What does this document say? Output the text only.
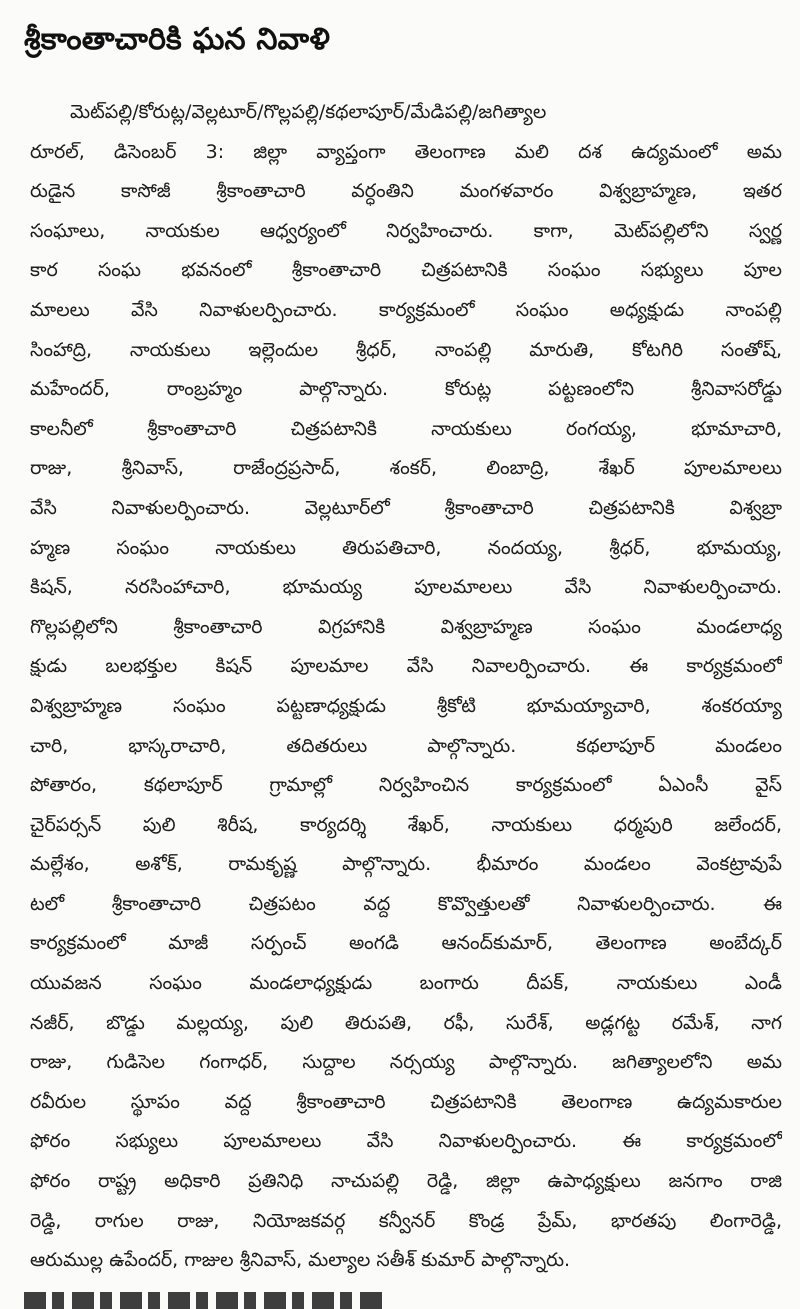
శ్రీకాంతాచారికి ఘన నివాళి
మెట్‌పల్లి/కోరుట్ల/వెల్లటూర్/గొల్లపల్లి/కథలాపూర్/మేడిపల్లి/జగిత్యాల
రూరల్, డిసెంబర్ 3: జిల్లా వ్యాప్తంగా తెలంగాణ మలి దశ ఉద్యమంలో అమ
రుడైన కాసోజీ శ్రీకాంతాచారి వర్ధంతిని మంగళవారం విశ్వబ్రాహ్మణ, ఇతర
సంఘాలు, నాయకుల ఆధ్వర్యంలో నిర్వహించారు. కాగా, మెట్‌పల్లిలోని స్వర్ణ
కార సంఘ భవనంలో శ్రీకాంతాచారి చిత్రపటానికి సంఘం సభ్యులు పూల
మాలలు వేసి నివాళులర్పించారు. కార్యక్రమంలో సంఘం అధ్యక్షుడు నాంపల్లి
సింహాద్రి, నాయకులు ఇల్లెందుల శ్రీధర్, నాంపల్లి మారుతి, కోటగిరి సంతోష్,
మహేందర్, రాంబ్రహ్మం పాల్గొన్నారు. కోరుట్ల పట్టణంలోని శ్రీనివాసరోడ్డు
కాలనీలో శ్రీకాంతాచారి చిత్రపటానికి నాయకులు రంగయ్య, భూమాచారి,
రాజు, శ్రీనివాస్, రాజేంద్రప్రసాద్, శంకర్, లింబాద్రి, శేఖర్ పూలమాలలు
వేసి నివాళులర్పించారు. వెల్లటూర్‌లో శ్రీకాంతాచారి చిత్రపటానికి విశ్వబ్రా
హ్మణ సంఘం నాయకులు తిరుపతిచారి, నందయ్య, శ్రీధర్, భూమయ్య,
కిషన్, నరసింహాచారి, భూమయ్య పూలమాలలు వేసి నివాళులర్పించారు.
గొల్లపల్లిలోని శ్రీకాంతాచారి విగ్రహానికి విశ్వబ్రాహ్మణ సంఘం మండలాధ్య
క్షుడు బలభక్తుల కిషన్ పూలమాల వేసి నివాలర్పించారు. ఈ కార్యక్రమంలో
విశ్వబ్రాహ్మణ సంఘం పట్టణాధ్యక్షుడు శ్రీకోటి భూమయ్యాచారి, శంకరయ్యా
చారి, భాస్కరాచారి, తదితరులు పాల్గొన్నారు. కథలాపూర్ మండలం
పోతారం, కథలాపూర్ గ్రామాల్లో నిర్వహించిన కార్యక్రమంలో ఏఎంసీ వైస్
చైర్‌పర్సన్ పులి శిరీష, కార్యదర్శి శేఖర్, నాయకులు ధర్మపురి జలేందర్,
మల్లేశం, అశోక్, రామకృష్ణ పాల్గొన్నారు. భీమారం మండలం వెంకట్రావుపే
టలో శ్రీకాంతాచారి చిత్రపటం వద్ద కొవ్వొత్తులతో నివాళులర్పించారు. ఈ
కార్యక్రమంలో మాజీ సర్పంచ్ అంగడి ఆనంద్‌కుమార్, తెలంగాణ అంబేద్కర్
యువజన సంఘం మండలాధ్యక్షుడు బంగారు దీపక్, నాయకులు ఎండీ
నజీర్, బొడ్డు మల్లయ్య, పులి తిరుపతి, రఫీ, సురేశ్, అడ్లగట్ట రమేశ్, నాగ
రాజు, గుడిసెల గంగాధర్, సుద్దాల నర్సయ్య పాల్గొన్నారు. జగిత్యాలలోని అమ
రవీరుల స్థూపం వద్ద శ్రీకాంతాచారి చిత్రపటానికి తెలంగాణ ఉద్యమకారుల
ఫోరం సభ్యులు పూలమాలలు వేసి నివాళులర్పించారు. ఈ కార్యక్రమంలో
ఫోరం రాష్ట్ర అధికారి ప్రతినిధి నాచుపల్లి రెడ్డి, జిల్లా ఉపాధ్యక్షులు జనగాం రాజి
రెడ్డి, రాగుల రాజు, నియోజకవర్గ కన్వీనర్ కొండ్ర ప్రేమ్, భారతపు లింగారెడ్డి,
ఆరుముల్ల ఉపేందర్, గాజుల శ్రీనివాస్, మల్యాల సతీశ్ కుమార్ పాల్గొన్నారు.
